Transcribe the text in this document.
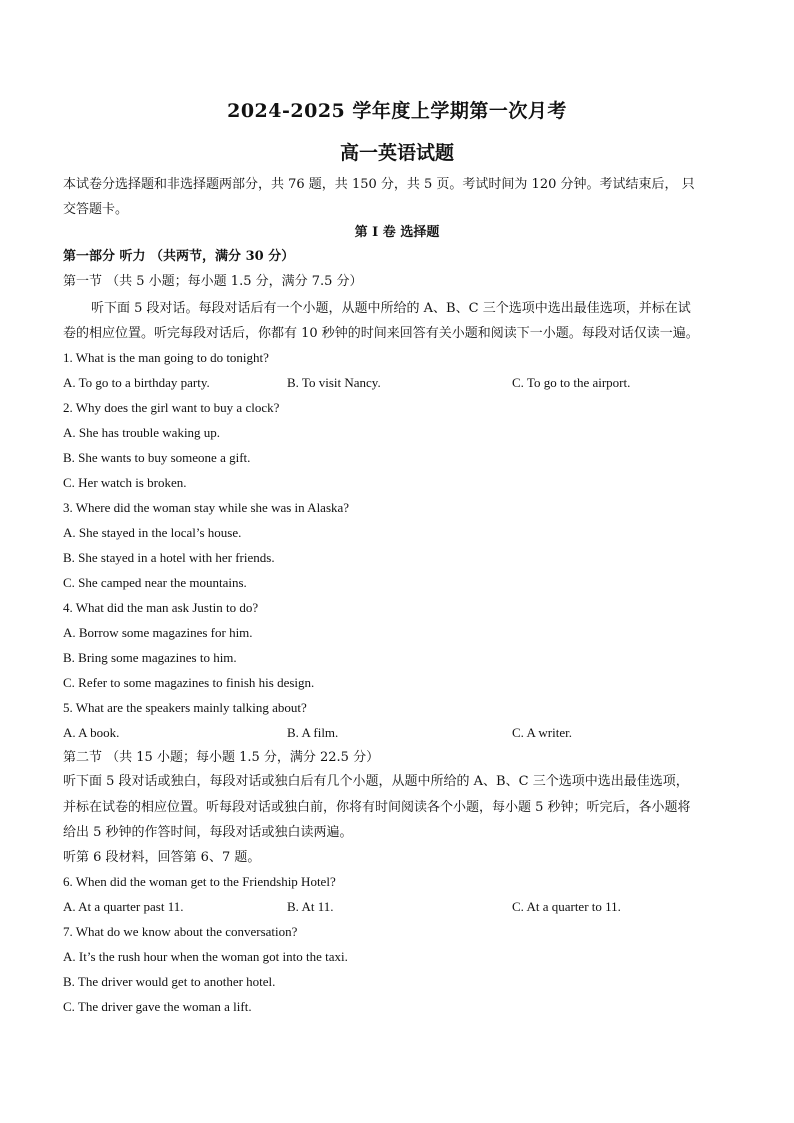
2024-2025 学年度上学期第一次月考
高一英语试题
本试卷分选择题和非选择题两部分，共 76 题，共 150 分，共 5 页。考试时间为 120 分钟。考试结束后， 只
交答题卡。
第 I 卷 选择题
第一部分 听力 （共两节，满分 30 分）
第一节 （共 5 小题；每小题 1.5 分，满分 7.5 分）
听下面 5 段对话。每段对话后有一个小题，从题中所给的 A、B、C 三个选项中选出最佳选项，并标在试
卷的相应位置。听完每段对话后，你都有 10 秒钟的时间来回答有关小题和阅读下一小题。每段对话仅读一遍。
1. What is the man going to do tonight?
A. To go to a birthday party.	B. To visit Nancy.	C. To go to the airport.
2. Why does the girl want to buy a clock?
A. She has trouble waking up.
B. She wants to buy someone a gift.
C. Her watch is broken.
3. Where did the woman stay while she was in Alaska?
A. She stayed in the local’s house.
B. She stayed in a hotel with her friends.
C. She camped near the mountains.
4. What did the man ask Justin to do?
A. Borrow some magazines for him.
B. Bring some magazines to him.
C. Refer to some magazines to finish his design.
5. What are the speakers mainly talking about?
A. A book.	B. A film.	C. A writer.
第二节 （共 15 小题；每小题 1.5 分，满分 22.5 分）
听下面 5 段对话或独白，每段对话或独白后有几个小题，从题中所给的 A、B、C 三个选项中选出最佳选项，
并标在试卷的相应位置。听每段对话或独白前，你将有时间阅读各个小题，每小题 5 秒钟；听完后，各小题将
给出 5 秒钟的作答时间，每段对话或独白读两遍。
听第 6 段材料，回答第 6、7 题。
6. When did the woman get to the Friendship Hotel?
A. At a quarter past 11.	B. At 11.	C. At a quarter to 11.
7. What do we know about the conversation?
A. It’s the rush hour when the woman got into the taxi.
B. The driver would get to another hotel.
C. The driver gave the woman a lift.
